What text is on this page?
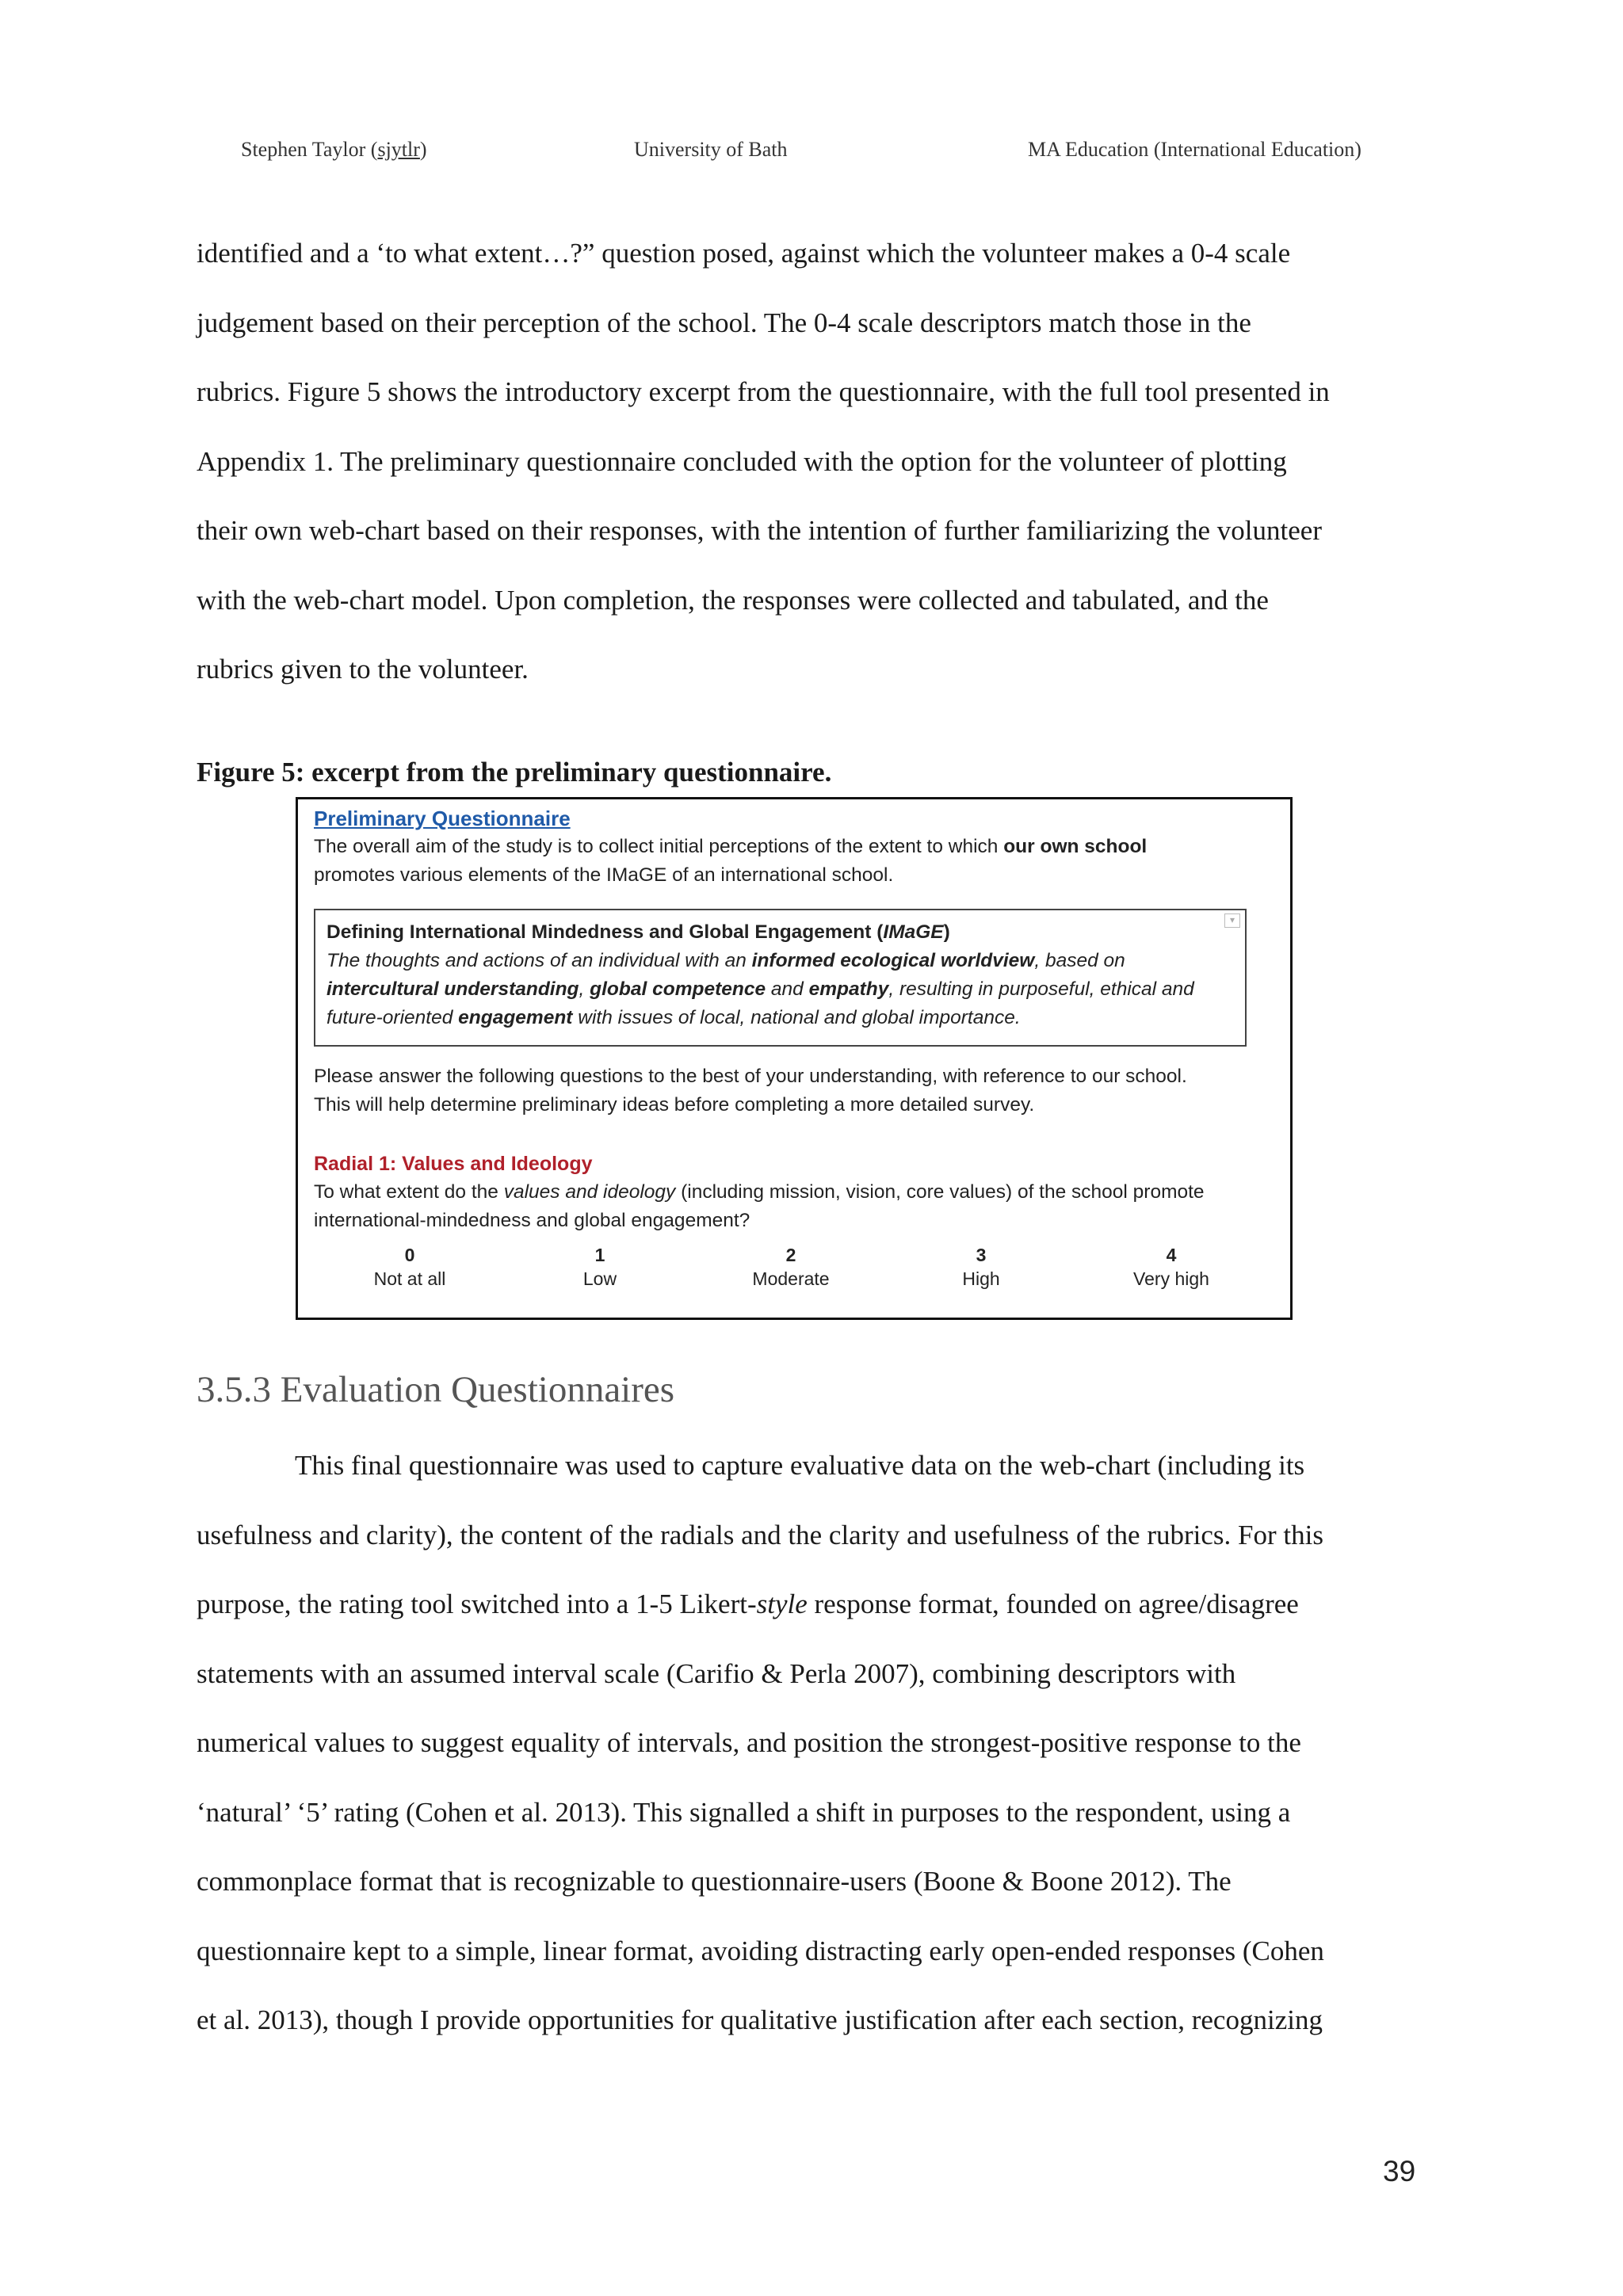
Stephen Taylor (sjytlr)	University of Bath	MA Education (International Education)

identified and a ‘to what extent…?” question posed, against which the volunteer makes a 0-4 scale

judgement based on their perception of the school. The 0-4 scale descriptors match those in the

rubrics. Figure 5 shows the introductory excerpt from the questionnaire, with the full tool presented in

Appendix 1. The preliminary questionnaire concluded with the option for the volunteer of plotting

their own web-chart based on their responses, with the intention of further familiarizing the volunteer

with the web-chart model. Upon completion, the responses were collected and tabulated, and the

rubrics given to the volunteer.

Figure 5: excerpt from the preliminary questionnaire.
Preliminary Questionnaire
The overall aim of the study is to collect initial perceptions of the extent to which our own school
promotes various elements of the IMaGE of an international school.
▾
Defining International Mindedness and Global Engagement (IMaGE)
The thoughts and actions of an individual with an informed ecological worldview, based on
intercultural understanding, global competence and empathy, resulting in purposeful, ethical and
future-oriented engagement with issues of local, national and global importance.
Please answer the following questions to the best of your understanding, with reference to our school.
This will help determine preliminary ideas before completing a more detailed survey.
Radial 1: Values and Ideology
To what extent do the values and ideology (including mission, vision, core values) of the school promote
international-mindedness and global engagement?
0
Not at all
1
Low
2
Moderate
3
High
4
Very high
3.5.3 Evaluation Questionnaires

This final questionnaire was used to capture evaluative data on the web-chart (including its

usefulness and clarity), the content of the radials and the clarity and usefulness of the rubrics. For this

purpose, the rating tool switched into a 1-5 Likert-style response format, founded on agree/disagree

statements with an assumed interval scale (Carifio & Perla 2007), combining descriptors with

numerical values to suggest equality of intervals, and position the strongest-positive response to the

‘natural’ ‘5’ rating (Cohen et al. 2013). This signalled a shift in purposes to the respondent, using a

commonplace format that is recognizable to questionnaire-users (Boone & Boone 2012). The

questionnaire kept to a simple, linear format, avoiding distracting early open-ended responses (Cohen

et al. 2013), though I provide opportunities for qualitative justification after each section, recognizing

39
